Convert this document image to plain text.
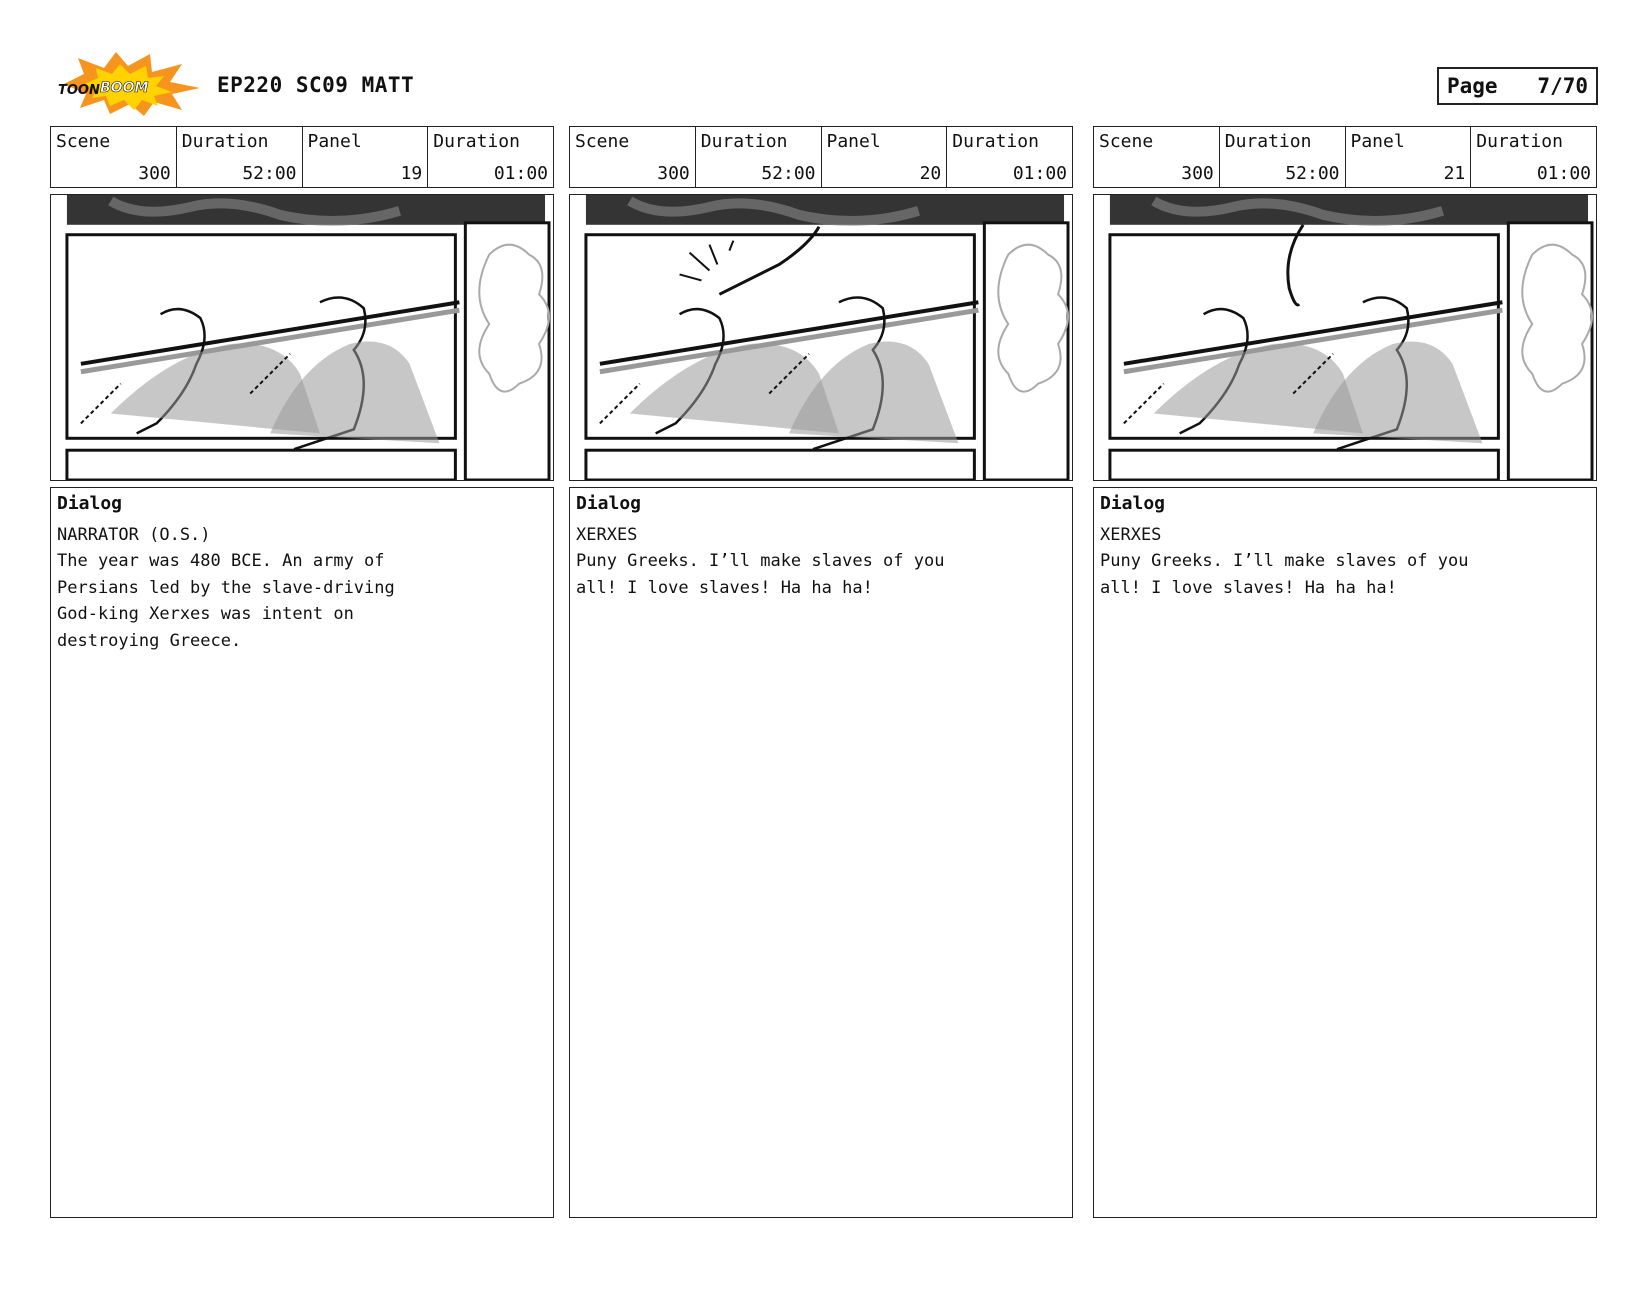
TOON BOOM	EP220 SC09 MATT	Page 7/70
Scene
300
Duration
52:00
Panel
19
Duration
01:00
Dialog
NARRATOR (O.S.)
The year was 480 BCE. An army of
Persians led by the slave-driving
God-king Xerxes was intent on
destroying Greece.
Scene
300
Duration
52:00
Panel
20
Duration
01:00
Dialog
XERXES
Puny Greeks. I’ll make slaves of you
all! I love slaves! Ha ha ha!
Scene
300
Duration
52:00
Panel
21
Duration
01:00
Dialog
XERXES
Puny Greeks. I’ll make slaves of you
all! I love slaves! Ha ha ha!
